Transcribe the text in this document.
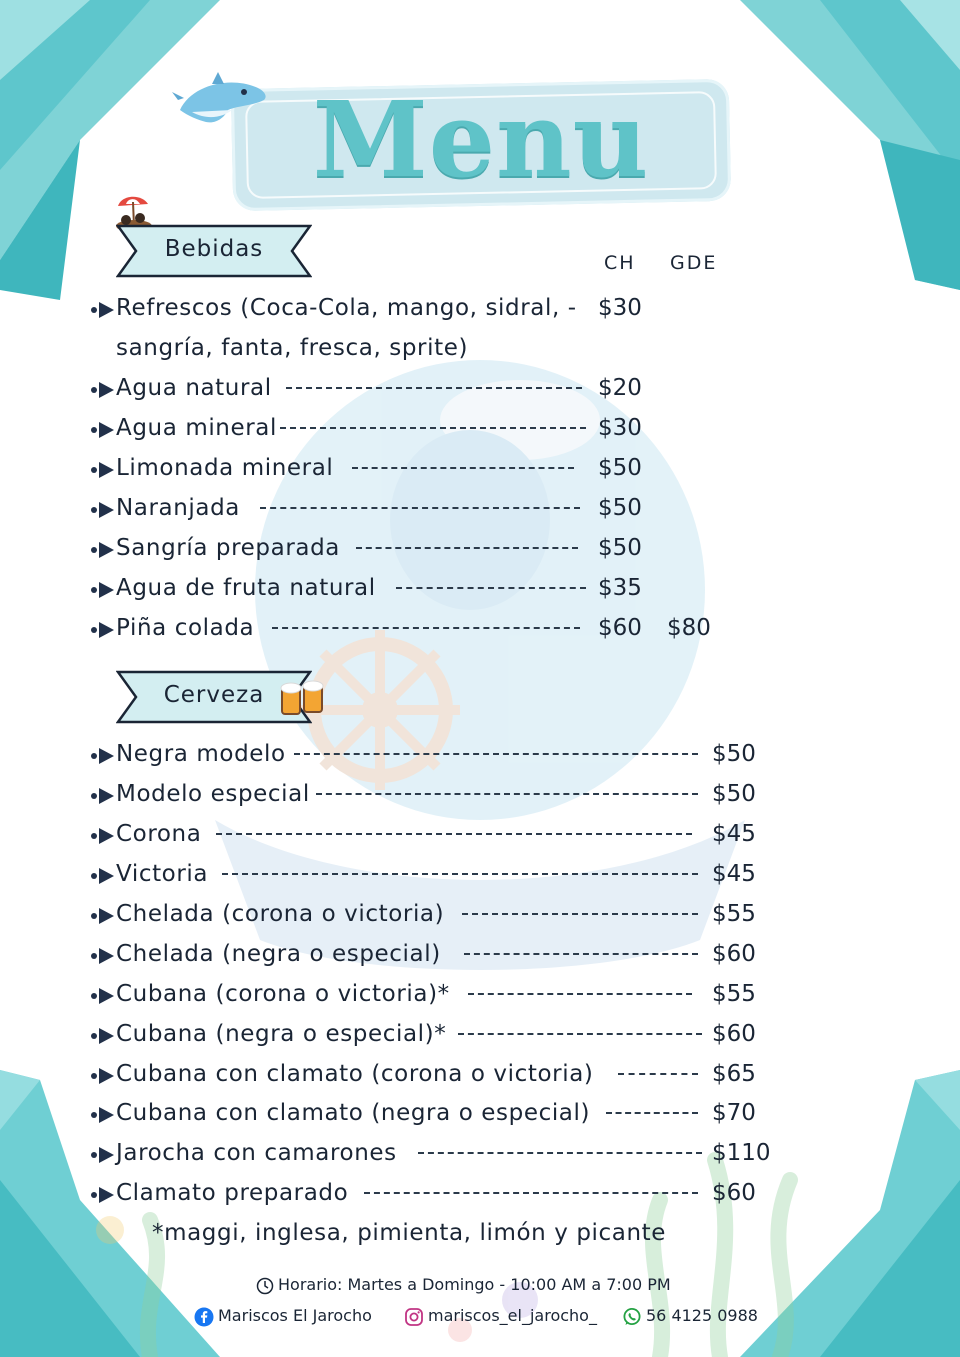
Menu
Bebidas
CH GDE
Refrescos (Coca-Cola, mango, sidral, -
sangría, fanta, fresca, sprite)
$30
Agua natural	$20
Agua mineral	$30
Limonada mineral	$50
Naranjada	$50
Sangría preparada	$50
Agua de fruta natural	$35
Piña colada	$60 $80
Cerveza
Negra modelo	$50
Modelo especial	$50
Corona	$45
Victoria	$45
Chelada (corona o victoria)	$55
Chelada (negra o especial)	$60
Cubana (corona o victoria)*	$55
Cubana (negra o especial)*	$60
Cubana con clamato (corona o victoria)	$65
Cubana con clamato (negra o especial)	$70
Jarocha con camarones	$110
Clamato preparado	$60
*maggi, inglesa, pimienta, limón y picante
Horario: Martes a Domingo - 10:00 AM a 7:00 PM
Mariscos El Jarocho	mariscos_el_jarocho_	56 4125 0988
